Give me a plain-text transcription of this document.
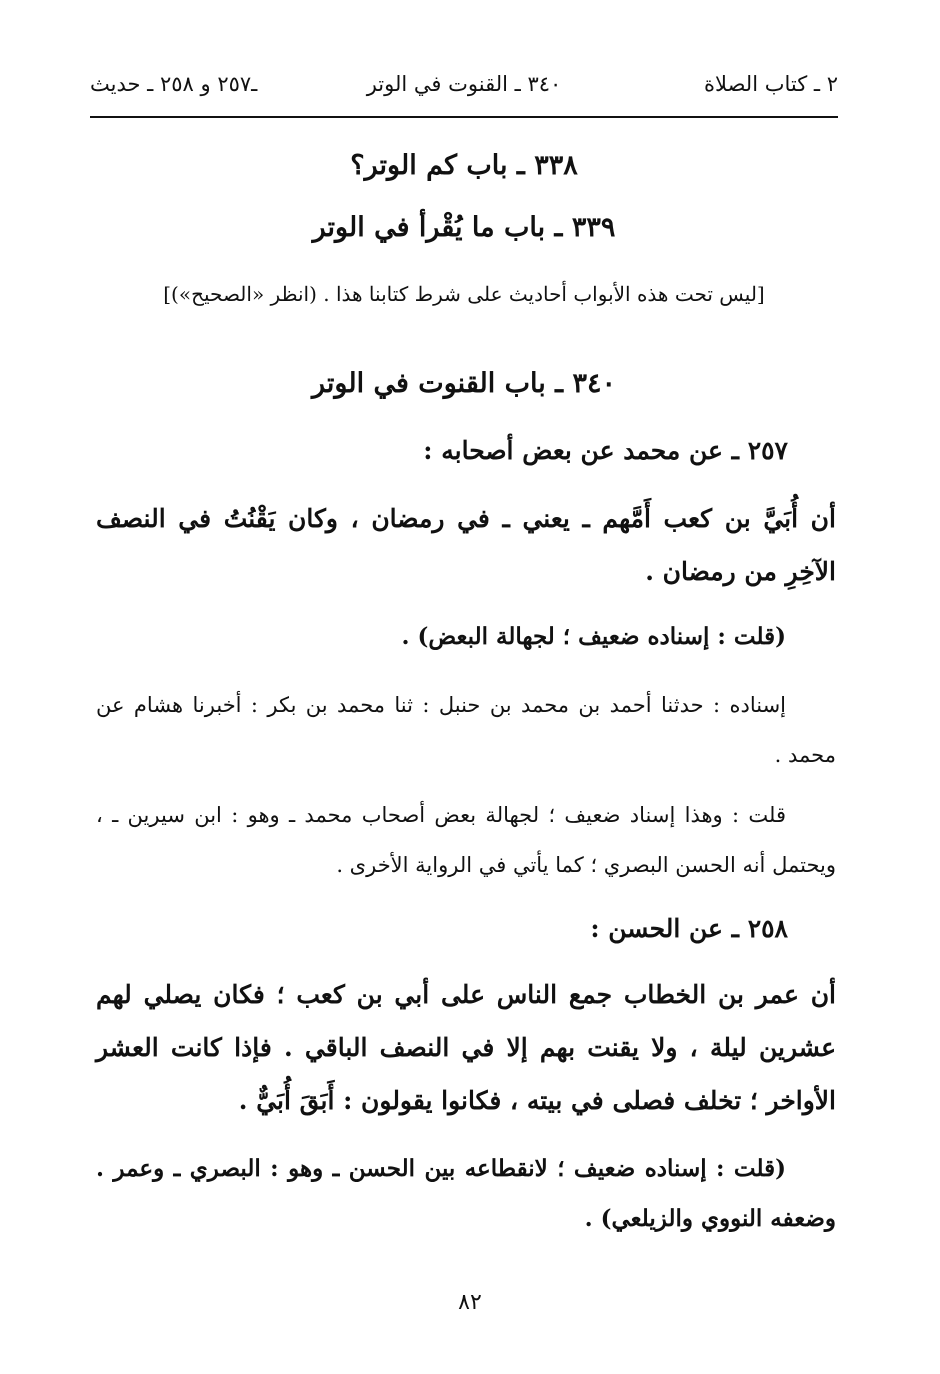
٢ ـ كتاب الصلاة
٣٤٠ ـ القنوت في الوتر
ـ٢٥٧ و ٢٥٨ ـ حديث
٣٣٨ ـ باب كم الوتر؟
٣٣٩ ـ باب ما يُقْرأ في الوتر
[ليس تحت هذه الأبواب أحاديث على شرط كتابنا هذا . (انظر «الصحيح»)]
٣٤٠ ـ باب القنوت في الوتر
٢٥٧ ـ عن محمد عن بعض أصحابه :
أن أُبَيَّ بن كعب أَمَّهم ـ يعني ـ في رمضان ، وكان يَقْنُتُ في النصف الآخِرِ من رمضان .
(قلت : إسناده ضعيف ؛ لجهالة البعض) .
إسناده : حدثنا أحمد بن محمد بن حنبل : ثنا محمد بن بكر : أخبرنا هشام عن محمد .
قلت : وهذا إسناد ضعيف ؛ لجهالة بعض أصحاب محمد ـ وهو : ابن سيرين ـ ، ويحتمل أنه الحسن البصري ؛ كما يأتي في الرواية الأخرى .
٢٥٨ ـ عن الحسن :
أن عمر بن الخطاب جمع الناس على أبي بن كعب ؛ فكان يصلي لهم عشرين ليلة ، ولا يقنت بهم إلا في النصف الباقي . فإذا كانت العشر الأواخر ؛ تخلف فصلى في بيته ، فكانوا يقولون : أَبَقَ أُبَيٌّ .
(قلت : إسناده ضعيف ؛ لانقطاعه بين الحسن ـ وهو : البصري ـ وعمر . وضعفه النووي والزيلعي) .
٨٢
